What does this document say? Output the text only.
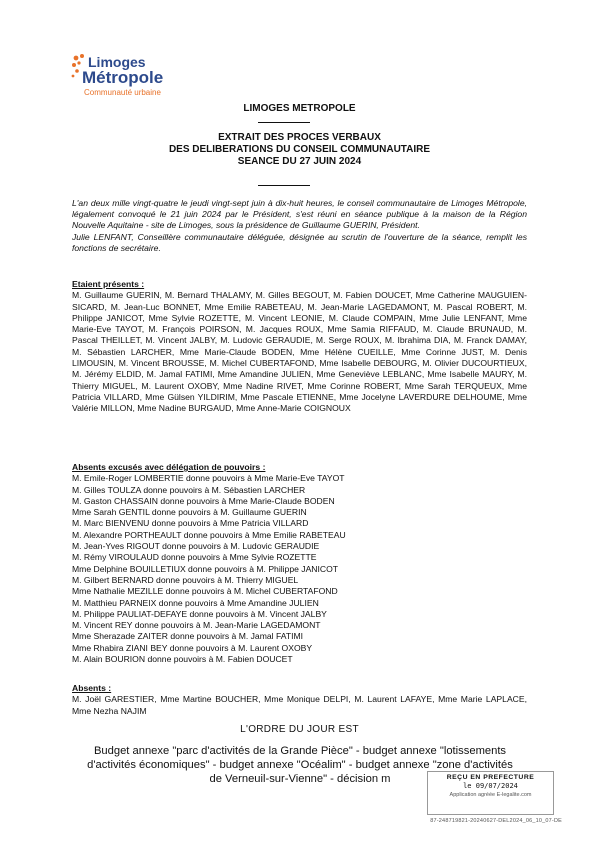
Limoges
Métropole
Communauté urbaine
LIMOGES METROPOLE
EXTRAIT DES PROCES VERBAUX
DES DELIBERATIONS DU CONSEIL COMMUNAUTAIRE
SEANCE DU 27 JUIN 2024

L'an deux mille vingt-quatre le jeudi vingt-sept juin à dix-huit heures, le conseil communautaire de Limoges Métropole, légalement convoqué le 21 juin 2024 par le Président, s'est réuni en séance publique à la maison de la Région Nouvelle Aquitaine - site de Limoges, sous la présidence de Guillaume GUERIN, Président.

Julie LENFANT, Conseillère communautaire déléguée, désignée au scrutin de l'ouverture de la séance, remplit les fonctions de secrétaire.

Etaient présents :
M. Guillaume GUERIN, M. Bernard THALAMY, M. Gilles BEGOUT, M. Fabien DOUCET, Mme Catherine MAUGUIEN-SICARD, M. Jean-Luc BONNET, Mme Emilie RABETEAU, M. Jean-Marie LAGEDAMONT, M. Pascal ROBERT, M. Philippe JANICOT, Mme Sylvie ROZETTE, M. Vincent LEONIE, M. Claude COMPAIN, Mme Julie LENFANT, Mme Marie-Eve TAYOT, M. François POIRSON, M. Jacques ROUX, Mme Samia RIFFAUD, M. Claude BRUNAUD, M. Pascal THEILLET, M. Vincent JALBY, M. Ludovic GERAUDIE, M. Serge ROUX, M. Ibrahima DIA, M. Franck DAMAY, M. Sébastien LARCHER, Mme Marie-Claude BODEN, Mme Hélène CUEILLE, Mme Corinne JUST, M. Denis LIMOUSIN, M. Vincent BROUSSE, M. Michel CUBERTAFOND, Mme Isabelle DEBOURG, M. Olivier DUCOURTIEUX, M. Jérémy ELDID, M. Jamal FATIMI, Mme Amandine JULIEN, Mme Geneviève LEBLANC, Mme Isabelle MAURY, M. Thierry MIGUEL, M. Laurent OXOBY, Mme Nadine RIVET, Mme Corinne ROBERT, Mme Sarah TERQUEUX, Mme Patricia VILLARD, Mme Gülsen YILDIRIM, Mme Pascale ETIENNE, Mme Jocelyne LAVERDURE DELHOUME, Mme Valérie MILLON, Mme Nadine BURGAUD, Mme Anne-Marie COIGNOUX
Absents excusés avec délégation de pouvoirs :
M. Emile-Roger LOMBERTIE donne pouvoirs à Mme Marie-Eve TAYOT
M. Gilles TOULZA donne pouvoirs à M. Sébastien LARCHER
M. Gaston CHASSAIN donne pouvoirs à Mme Marie-Claude BODEN
Mme Sarah GENTIL donne pouvoirs à M. Guillaume GUERIN
M. Marc BIENVENU donne pouvoirs à Mme Patricia VILLARD
M. Alexandre PORTHEAULT donne pouvoirs à Mme Emilie RABETEAU
M. Jean-Yves RIGOUT donne pouvoirs à M. Ludovic GERAUDIE
M. Rémy VIROULAUD donne pouvoirs à Mme Sylvie ROZETTE
Mme Delphine BOUILLETIUX donne pouvoirs à M. Philippe JANICOT
M. Gilbert BERNARD donne pouvoirs à M. Thierry MIGUEL
Mme Nathalie MEZILLE donne pouvoirs à M. Michel CUBERTAFOND
M. Matthieu PARNEIX donne pouvoirs à Mme Amandine JULIEN
M. Philippe PAULIAT-DEFAYE donne pouvoirs à M. Vincent JALBY
M. Vincent REY donne pouvoirs à M. Jean-Marie LAGEDAMONT
Mme Sherazade ZAITER donne pouvoirs à M. Jamal FATIMI
Mme Rhabira ZIANI BEY donne pouvoirs à M. Laurent OXOBY
M. Alain BOURION donne pouvoirs à M. Fabien DOUCET
Absents :
M. Joël GARESTIER, Mme Martine BOUCHER, Mme Monique DELPI, M. Laurent LAFAYE, Mme Marie LAPLACE, Mme Nezha NAJIM
L'ORDRE DU JOUR EST
Budget annexe "parc d'activités de la Grande Pièce" - budget annexe "lotissements d'activités économiques" - budget annexe "Océalim" - budget annexe "zone d'activités de Verneuil-sur-Vienne" - décision m	REÇU EN PREFECTURE
le 09/07/2024
Application agréée E-legalite.com
87-248719821-20240627-DEL2024_06_10_07-DE
